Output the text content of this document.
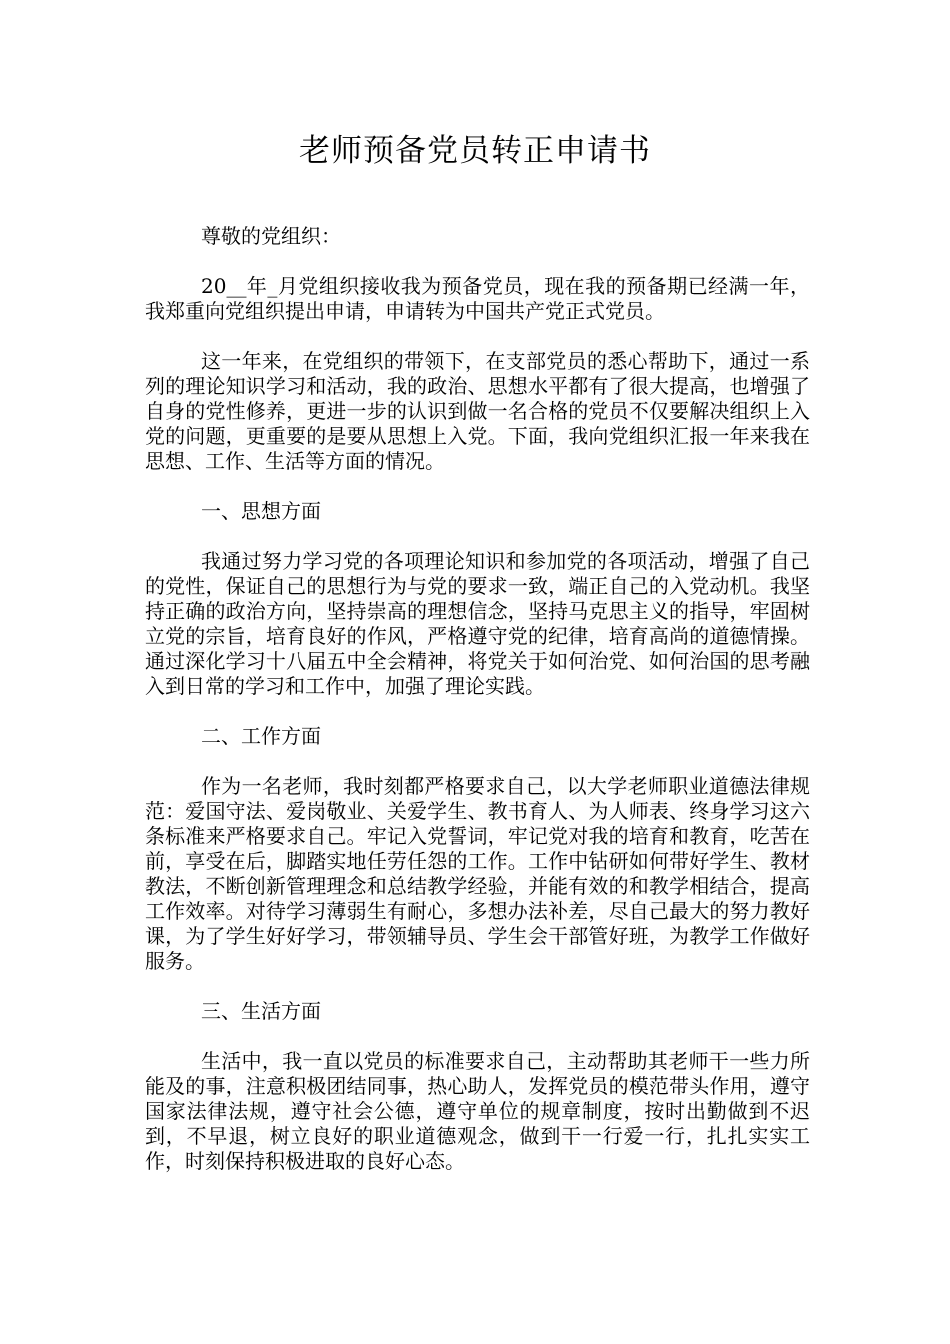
老师预备党员转正申请书

尊敬的党组织：

20__年_月党组织接收我为预备党员，现在我的预备期已经满一年，我郑重向党组织提出申请，申请转为中国共产党正式党员。

这一年来，在党组织的带领下，在支部党员的悉心帮助下，通过一系列的理论知识学习和活动，我的政治、思想水平都有了很大提高，也增强了自身的党性修养，更进一步的认识到做一名合格的党员不仅要解决组织上入党的问题，更重要的是要从思想上入党。下面，我向党组织汇报一年来我在思想、工作、生活等方面的情况。

一、思想方面

我通过努力学习党的各项理论知识和参加党的各项活动，增强了自己的党性，保证自己的思想行为与党的要求一致，端正自己的入党动机。我坚持正确的政治方向，坚持崇高的理想信念，坚持马克思主义的指导，牢固树立党的宗旨，培育良好的作风，严格遵守党的纪律，培育高尚的道德情操。通过深化学习十八届五中全会精神，将党关于如何治党、如何治国的思考融入到日常的学习和工作中，加强了理论实践。

二、工作方面

作为一名老师，我时刻都严格要求自己，以大学老师职业道德法律规范：爱国守法、爱岗敬业、关爱学生、教书育人、为人师表、终身学习这六条标准来严格要求自己。牢记入党誓词，牢记党对我的培育和教育，吃苦在前，享受在后，脚踏实地任劳任怨的工作。工作中钻研如何带好学生、教材教法，不断创新管理理念和总结教学经验，并能有效的和教学相结合，提高工作效率。对待学习薄弱生有耐心，多想办法补差，尽自己最大的努力教好课，为了学生好好学习，带领辅导员、学生会干部管好班，为教学工作做好服务。

三、生活方面

生活中，我一直以党员的标准要求自己，主动帮助其老师干一些力所能及的事，注意积极团结同事，热心助人，发挥党员的模范带头作用，遵守国家法律法规，遵守社会公德，遵守单位的规章制度，按时出勤做到不迟到，不早退，树立良好的职业道德观念，做到干一行爱一行，扎扎实实工作，时刻保持积极进取的良好心态。
